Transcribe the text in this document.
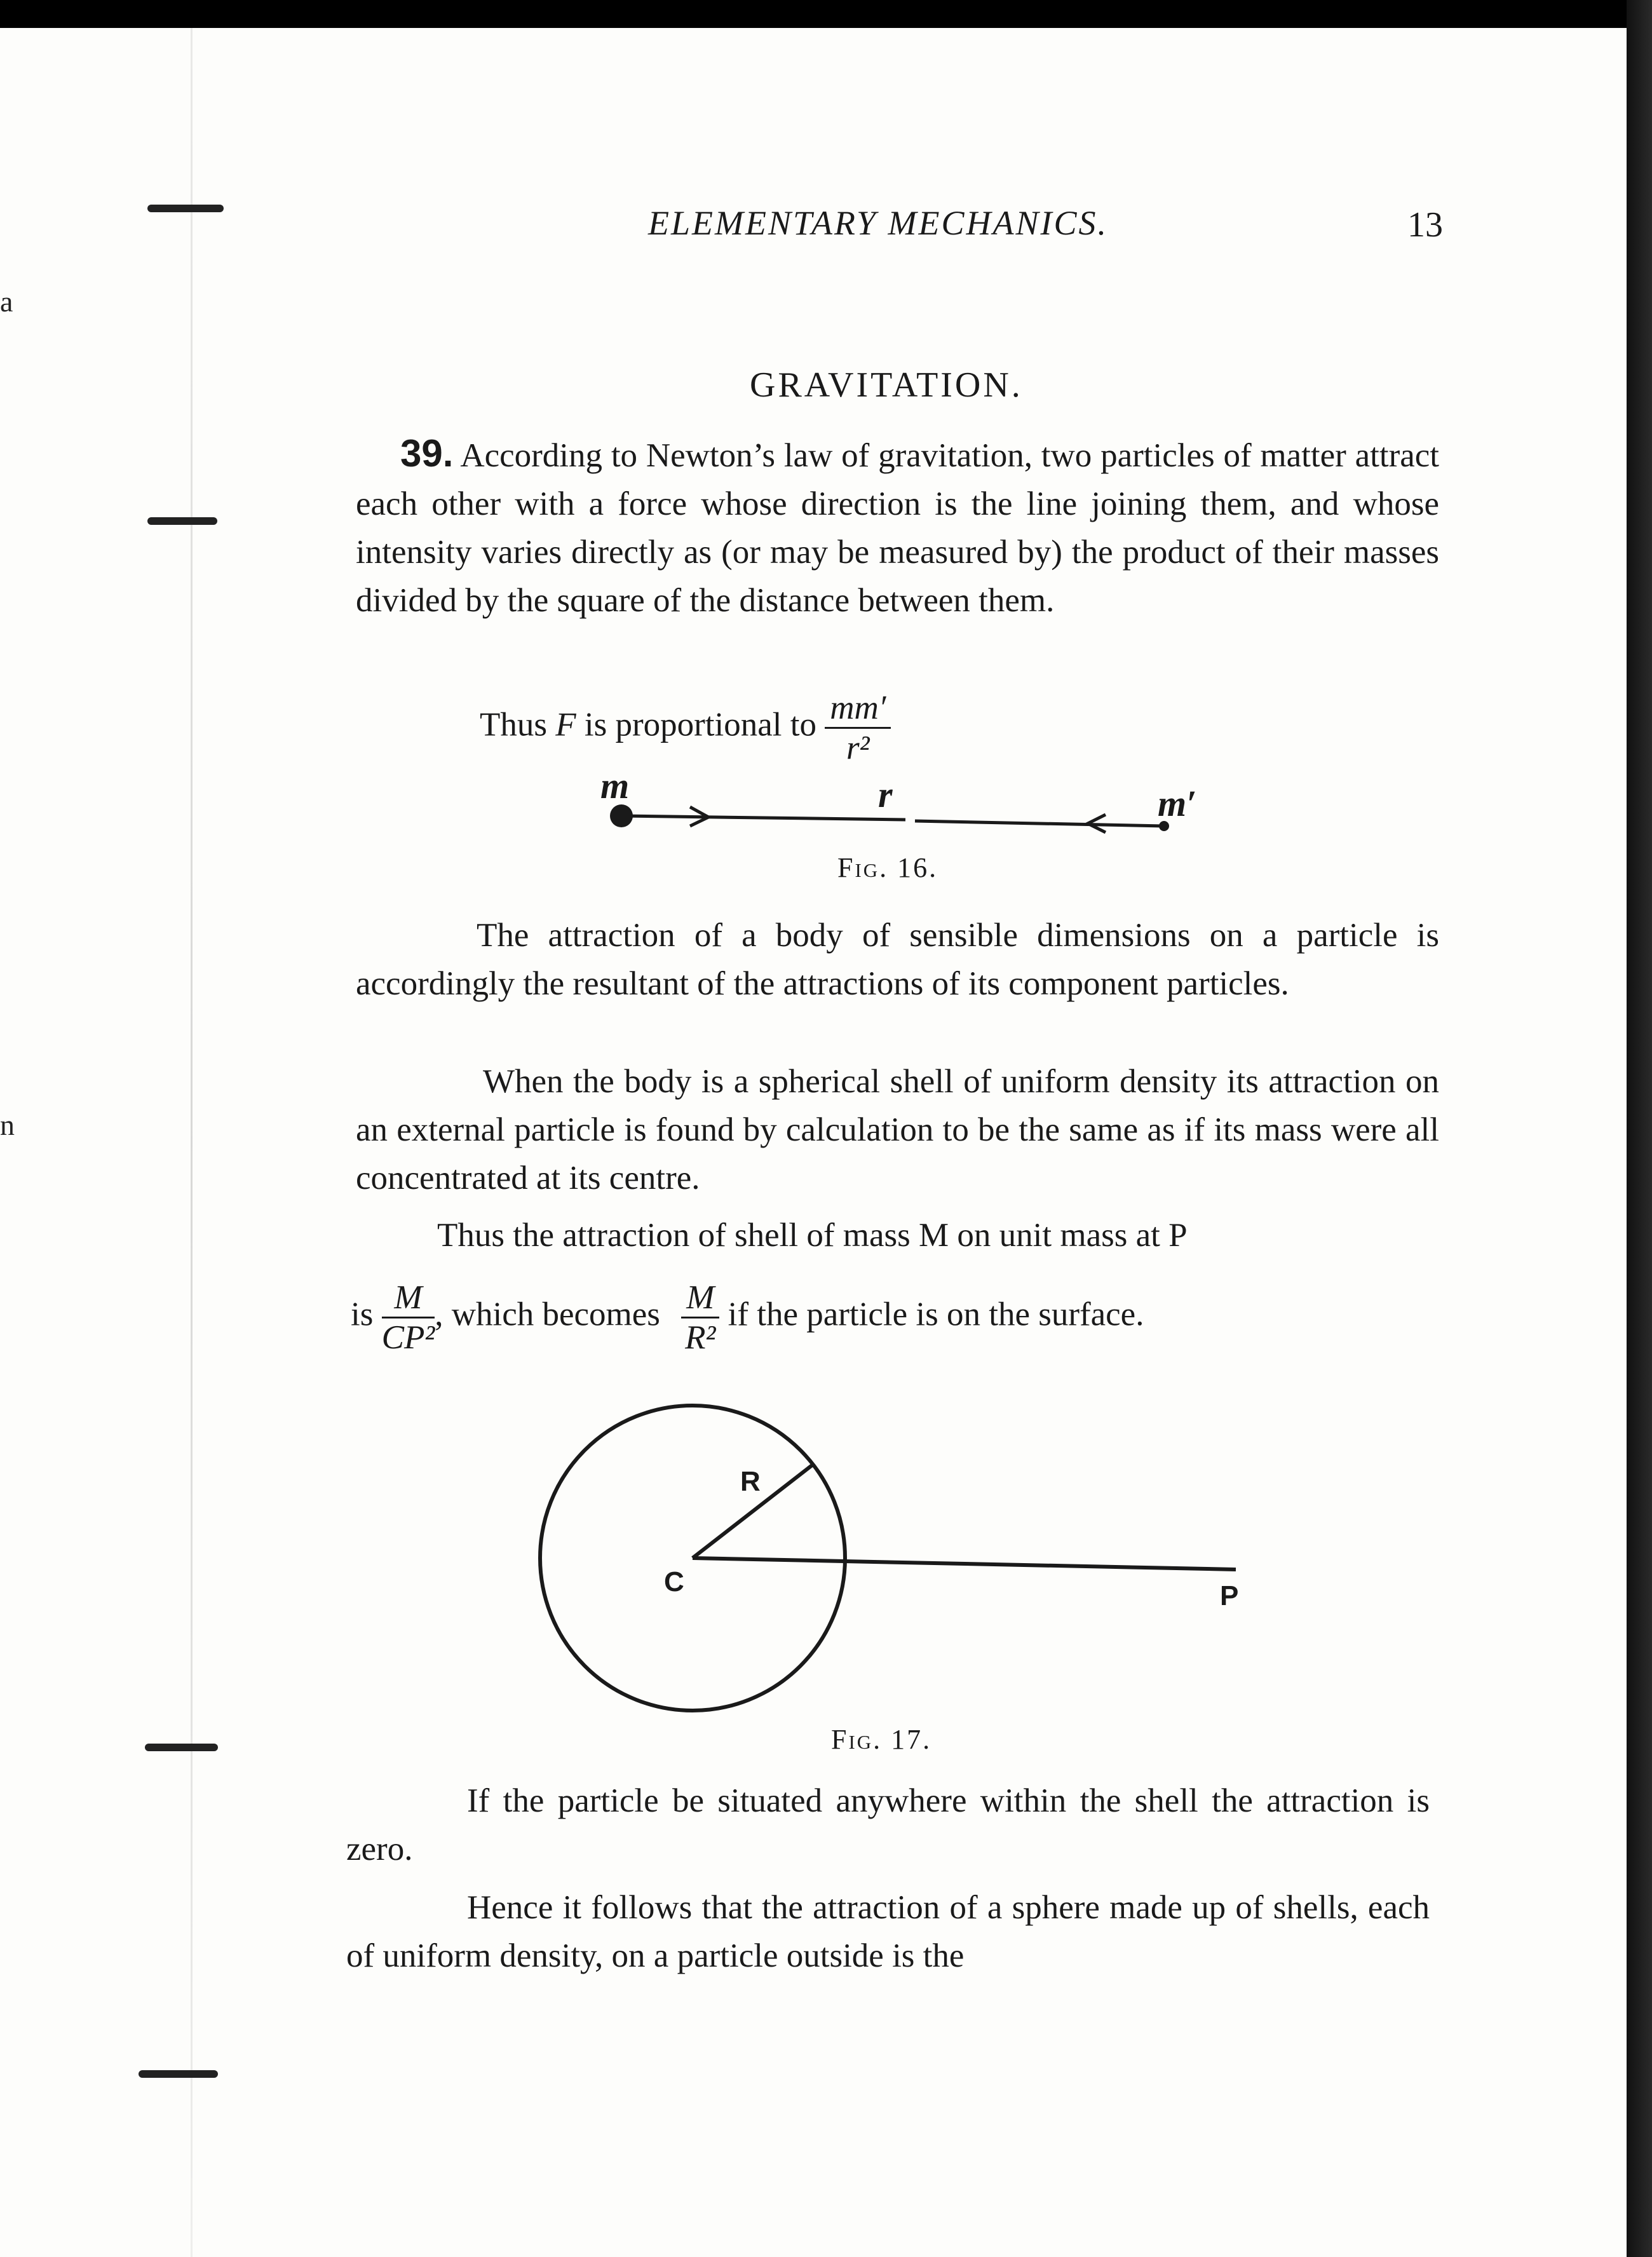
a
n
ELEMENTARY MECHANICS.	13
GRAVITATION.
39. According to Newton’s law of gravitation, two particles of matter attract each other with a force whose direction is the line joining them, and whose intensity varies directly as (or may be measured by) the product of their masses divided by the square of the distance between them.
Thus F is proportional to $\frac{mm'}{\text{r²}}$
m	r	m′
R
C	P
Fig. 16.
The attraction of a body of sensible dimensions on a particle is accordingly the resultant of the attractions of its component particles.
When the body is a spherical shell of uniform density its attraction on an external particle is found by calculation to be the same as if its mass were all concentrated at its centre.
Thus the attraction of shell of mass M on unit mass at P
is $\frac{M}{\text{CP²}}$ , which becomes $\frac{M}{\text{R²}}$ if the particle is on the surface.
Fig. 17.
If the particle be situated anywhere within the shell the attraction is zero.
Hence it follows that the attraction of a sphere made up of shells, each of uniform density, on a particle outside is the
